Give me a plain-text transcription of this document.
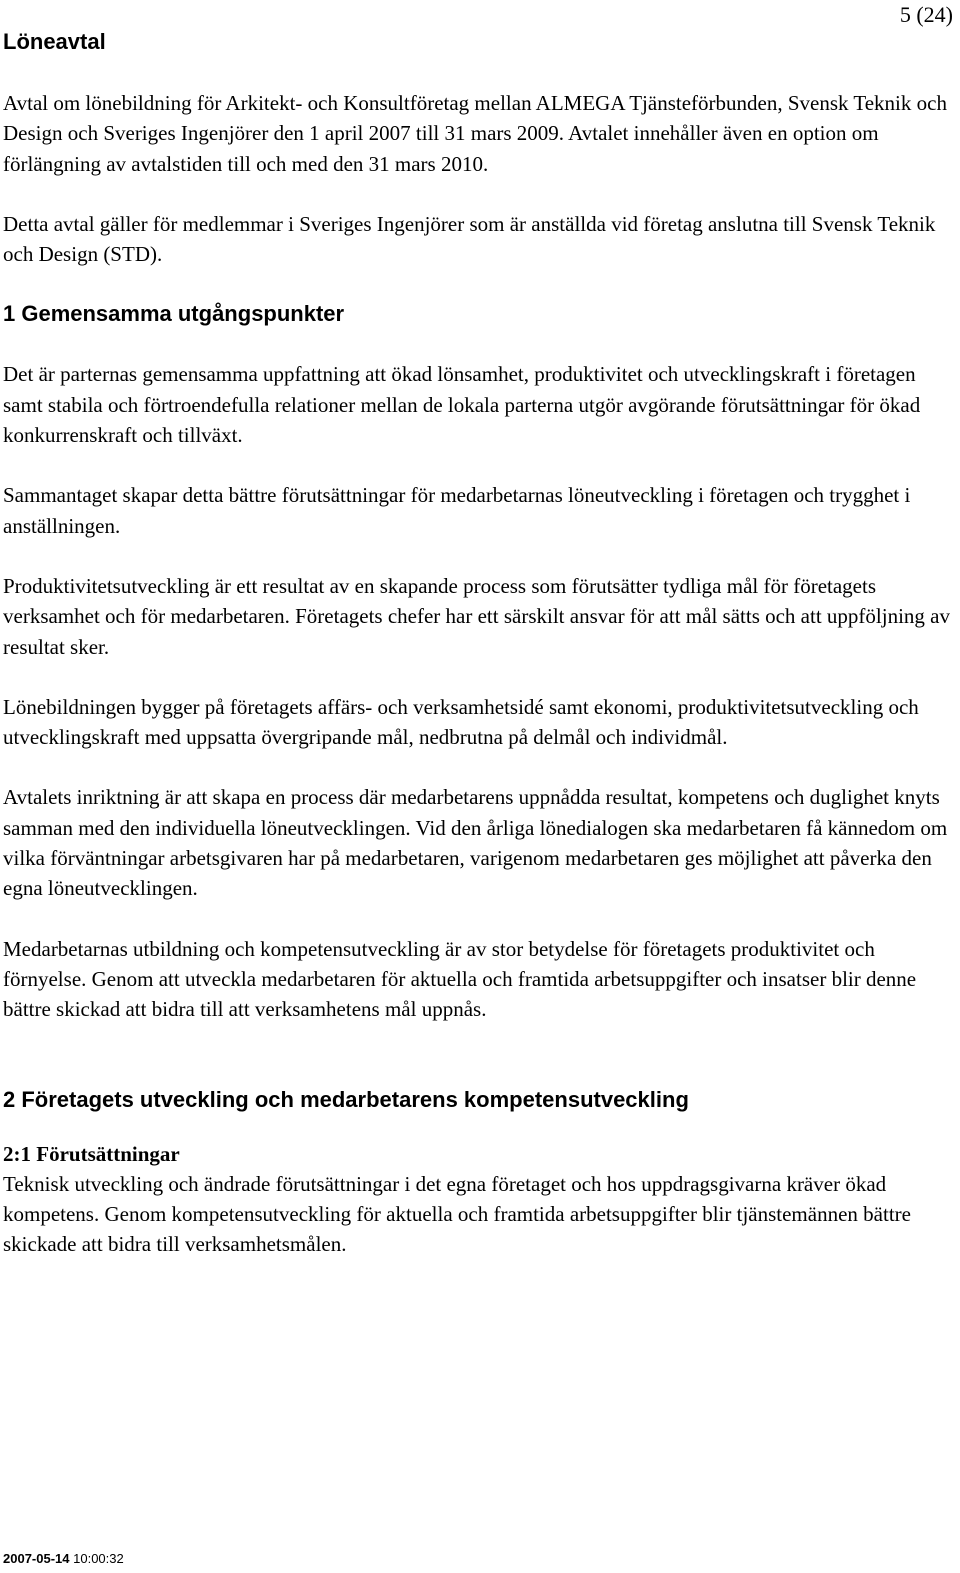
5 (24)
Löneavtal

Avtal om lönebildning för Arkitekt- och Konsultföretag mellan ALMEGA Tjänsteförbunden, Svensk Teknik och Design och Sveriges Ingenjörer den 1 april 2007 till 31 mars 2009. Avtalet innehåller även en option om förlängning av avtalstiden till och med den 31 mars 2010.

Detta avtal gäller för medlemmar i Sveriges Ingenjörer som är anställda vid företag anslutna till Svensk Teknik och Design (STD).

1 Gemensamma utgångspunkter

Det är parternas gemensamma uppfattning att ökad lönsamhet, produktivitet och utvecklingskraft i företagen samt stabila och förtroendefulla relationer mellan de lokala parterna utgör avgörande förutsättningar för ökad konkurrenskraft och tillväxt.

Sammantaget skapar detta bättre förutsättningar för medarbetarnas löneutveckling i företagen och trygghet i anställningen.

Produktivitetsutveckling är ett resultat av en skapande process som förutsätter tydliga mål för företagets verksamhet och för medarbetaren. Företagets chefer har ett särskilt ansvar för att mål sätts och att uppföljning av resultat sker.

Lönebildningen bygger på företagets affärs- och verksamhetsidé samt ekonomi, produktivitetsutveckling och utvecklingskraft med uppsatta övergripande mål, nedbrutna på delmål och individmål.

Avtalets inriktning är att skapa en process där medarbetarens uppnådda resultat, kompetens och duglighet knyts samman med den individuella löneutvecklingen. Vid den årliga lönedialogen ska medarbetaren få kännedom om vilka förväntningar arbetsgivaren har på medarbetaren, varigenom medarbetaren ges möjlighet att påverka den egna löneutvecklingen.

Medarbetarnas utbildning och kompetensutveckling är av stor betydelse för företagets produktivitet och förnyelse. Genom att utveckla medarbetaren för aktuella och framtida arbetsuppgifter och insatser blir denne bättre skickad att bidra till att verksamhetens mål uppnås.

2 Företagets utveckling och medarbetarens kompetensutveckling
2:1 Förutsättningar

Teknisk utveckling och ändrade förutsättningar i det egna företaget och hos uppdragsgivarna kräver ökad kompetens. Genom kompetensutveckling för aktuella och framtida arbetsuppgifter blir tjänstemännen bättre skickade att bidra till verksamhetsmålen.

2007-05-14 10:00:32
